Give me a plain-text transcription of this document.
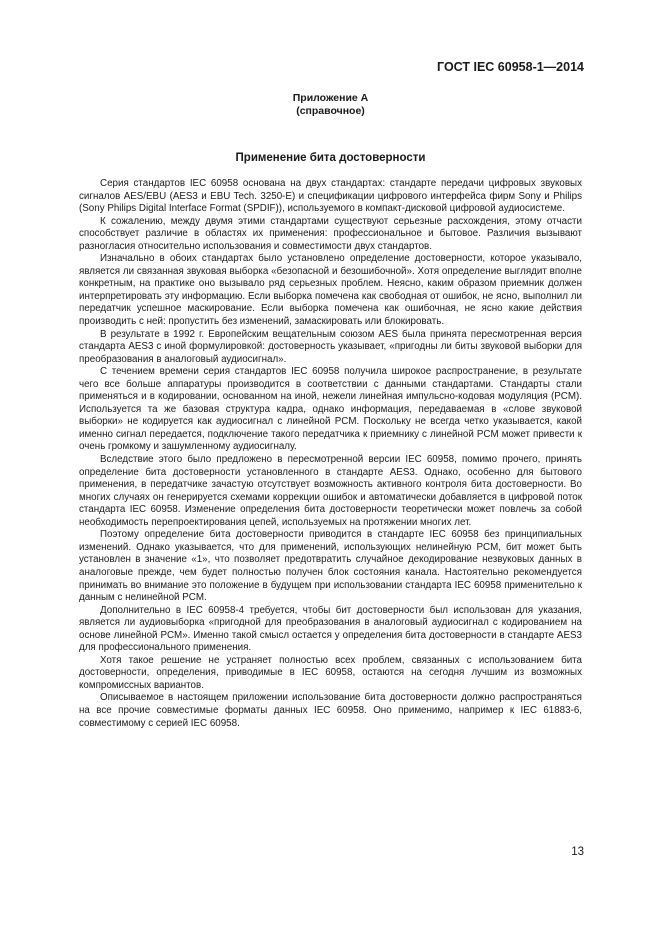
ГОСТ IEC 60958-1—2014
Приложение А
(справочное)
Применение бита достоверности

Серия стандартов IEC 60958 основана на двух стандартах: стандарте передачи цифровых звуковых сигналов AES/EBU (AES3 и EBU Tech. 3250-E) и спецификации цифрового интерфейса фирм Sony и Philips (Sony Philips Digital Interface Format (SPDIF)), используемого в компакт-дисковой цифровой аудиосистеме.

К сожалению, между двумя этими стандартами существуют серьезные расхождения, этому отчасти способствует различие в областях их применения: профессиональное и бытовое. Различия вызывают разногласия относительно использования и совместимости двух стандартов.

Изначально в обоих стандартах было установлено определение достоверности, которое указывало, является ли связанная звуковая выборка «безопасной и безошибочной». Хотя определение выглядит вполне конкретным, на практике оно вызывало ряд серьезных проблем. Неясно, каким образом приемник должен интерпретировать эту информацию. Если выборка помечена как свободная от ошибок, не ясно, выполнил ли передатчик успешное маскирование. Если выборка помечена как ошибочная, не ясно какие действия производить с ней: пропустить без изменений, замаскировать или блокировать.

В результате в 1992 г. Европейским вещательным союзом AES была принята пересмотренная версия стандарта AES3 с иной формулировкой: достоверность указывает, «пригодны ли биты звуковой выборки для преобразования в аналоговый аудиосигнал».

С течением времени серия стандартов IEC 60958 получила широкое распространение, в результате чего все больше аппаратуры производится в соответствии с данными стандартами. Стандарты стали применяться и в кодировании, основанном на иной, нежели линейная импульсно-кодовая модуляция (PCM). Используется та же базовая структура кадра, однако информация, передаваемая в «слове звуковой выборки» не кодируется как аудиосигнал с линейной PCM. Поскольку не всегда четко указывается, какой именно сигнал передается, подключение такого передатчика к приемнику с линейной PCM может привести к очень громкому и зашумленному аудиосигналу.

Вследствие этого было предложено в пересмотренной версии IEC 60958, помимо прочего, принять определение бита достоверности установленного в стандарте AES3. Однако, особенно для бытового применения, в передатчике зачастую отсутствует возможность активного контроля бита достоверности. Во многих случаях он генерируется схемами коррекции ошибок и автоматически добавляется в цифровой поток стандарта IEC 60958. Изменение определения бита достоверности теоретически может повлечь за собой необходимость перепроектирования цепей, используемых на протяжении многих лет.

Поэтому определение бита достоверности приводится в стандарте IEC 60958 без принципиальных изменений. Однако указывается, что для применений, использующих нелинейную PCM, бит может быть установлен в значение «1», что позволяет предотвратить случайное декодирование незвуковых данных в аналоговые прежде, чем будет полностью получен блок состояния канала. Настоятельно рекомендуется принимать во внимание это положение в будущем при использовании стандарта IEC 60958 применительно к данным с нелинейной PCM.

Дополнительно в IEC 60958-4 требуется, чтобы бит достоверности был использован для указания, является ли аудиовыборка «пригодной для преобразования в аналоговый аудиосигнал с кодированием на основе линейной PCM». Именно такой смысл остается у определения бита достоверности в стандарте AES3 для профессионального применения.

Хотя такое решение не устраняет полностью всех проблем, связанных с использованием бита достоверности, определения, приводимые в IEC 60958, остаются на сегодня лучшим из возможных компромиссных вариантов.

Описываемое в настоящем приложении использование бита достоверности должно распространяться на все прочие совместимые форматы данных IEC 60958. Оно применимо, например к IEC 61883-6, совместимому с серией IEC 60958.

13
